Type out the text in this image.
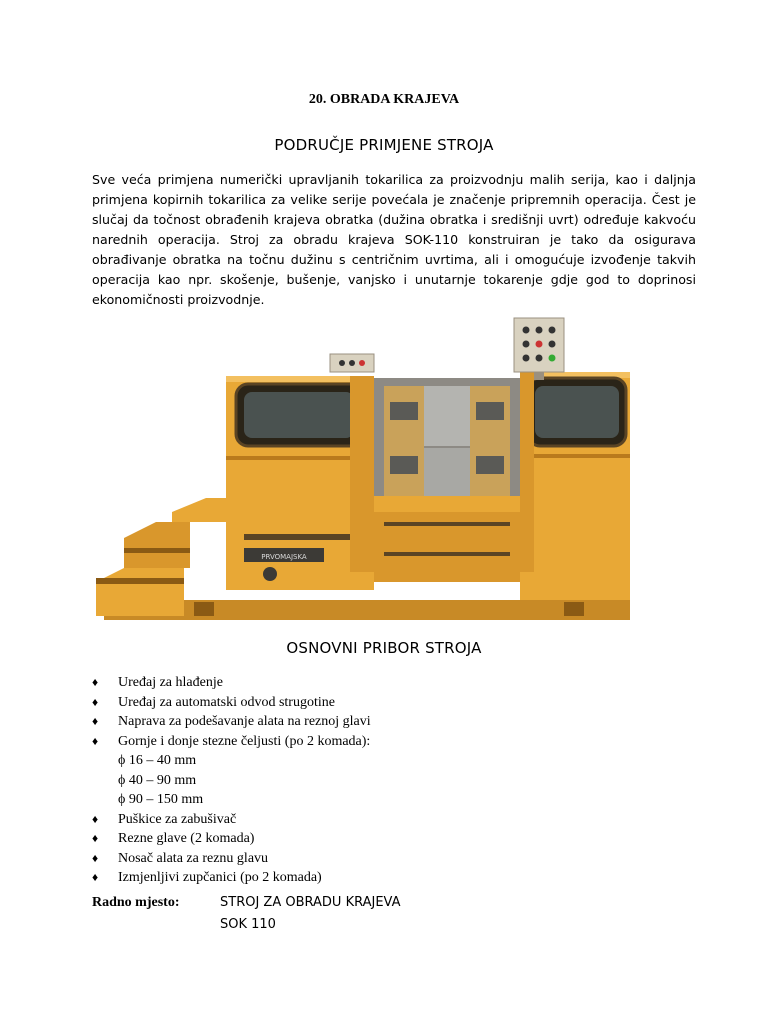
20. OBRADA KRAJEVA
PODRUČJE PRIMJENE STROJA

Sve veća primjena numerički upravljanih tokarilica za proizvodnju malih serija, kao i daljnja primjena kopirnih tokarilica za velike serije povećala je značenje pripremnih operacija. Čest je slučaj da točnost obrađenih krajeva obratka (dužina obratka i središnji uvrt) određuje kakvoću narednih operacija. Stroj za obradu krajeva SOK-110 konstruiran je tako da osigurava obrađivanje obratka na točnu dužinu s centričnim uvrtima, ali i omogućuje izvođenje takvih operacija kao npr. skošenje, bušenje, vanjsko i unutarnje tokarenje gdje god to doprinosi ekonomičnosti proizvodnje.

PRVOMAJSKA
OSNOVNI PRIBOR STROJA
♦ Uređaj za hlađenje
♦ Uređaj za automatski odvod strugotine
♦ Naprava za podešavanje alata na reznoj glavi
♦ Gornje i donje stezne čeljusti (po 2 komada):
ϕ 16 – 40 mm
ϕ 40 – 90 mm
ϕ 90 – 150 mm
♦ Puškice za zabušivač
♦ Rezne glave (2 komada)
♦ Nosač alata za reznu glavu
♦ Izmjenljivi zupčanici (po 2 komada)
Radno mjesto:	STROJ ZA OBRADU KRAJEVA
SOK 110
